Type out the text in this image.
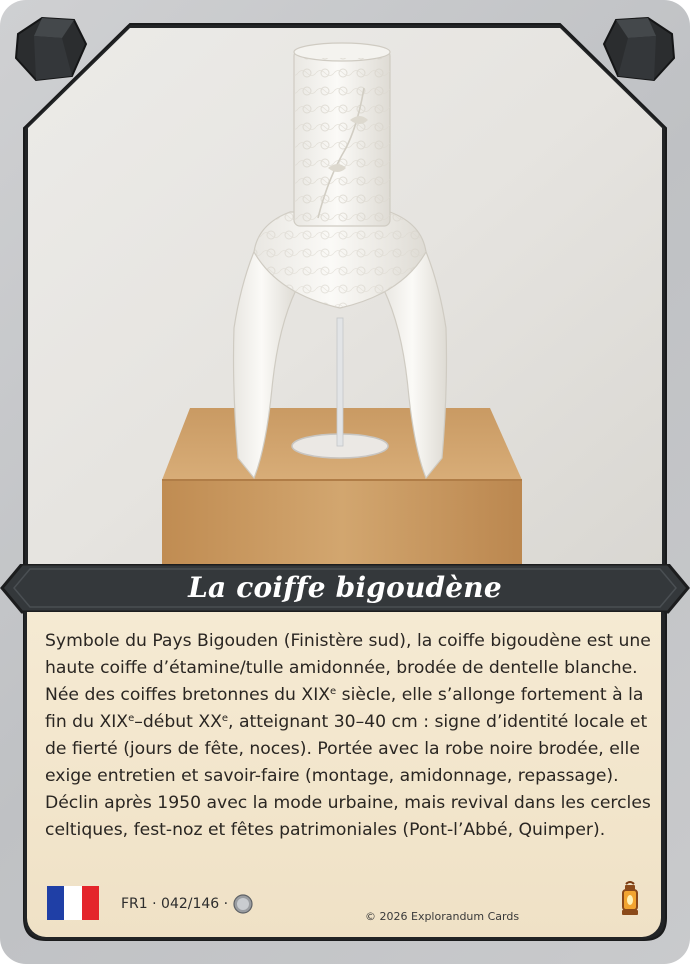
La coiffe bigoudène
Symbole du Pays Bigouden (Finistère sud), la coiffe bigoudène est une haute coiffe d’étamine/tulle amidonnée, brodée de dentelle blanche. Née des coiffes bretonnes du XIXe siècle, elle s’allonge fortement à la fin du XIXe–début XXe, atteignant 30–40 cm : signe d’identité locale et de fierté (jours de fête, noces). Portée avec la robe noire brodée, elle exige entretien et savoir-faire (montage, amidonnage, repassage). Déclin après 1950 avec la mode urbaine, mais revival dans les cercles celtiques, fest-noz et fêtes patrimoniales (Pont-l’Abbé, Quimper).
FR1 · 042/146 ·
© 2026 Explorandum Cards
